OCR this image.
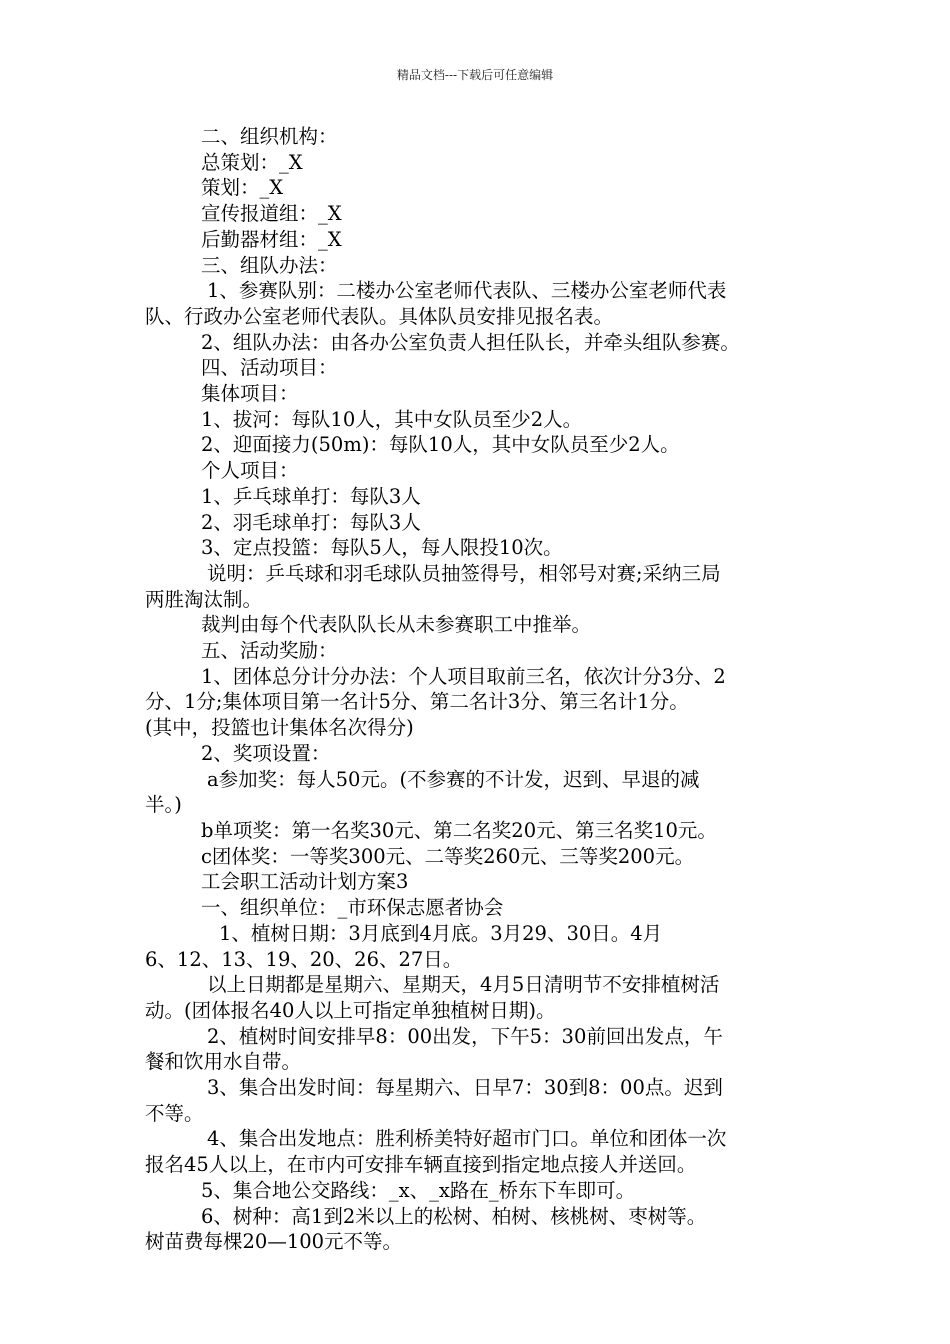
精品文档---下载后可任意编辑

二、组织机构：

总策划：_X

策划：_X

宣传报道组：_X

后勤器材组：_X

三、组队办法：

1、参赛队别：二楼办公室老师代表队、三楼办公室老师代表

队、行政办公室老师代表队。具体队员安排见报名表。

2、组队办法：由各办公室负责人担任队长，并牵头组队参赛。

四、活动项目：

集体项目：

1、拔河：每队10人，其中女队员至少2人。

2、迎面接力(50m)：每队10人，其中女队员至少2人。

个人项目：

1、乒乓球单打：每队3人

2、羽毛球单打：每队3人

3、定点投篮：每队5人，每人限投10次。

说明：乒乓球和羽毛球队员抽签得号，相邻号对赛;采纳三局

两胜淘汰制。

裁判由每个代表队队长从未参赛职工中推举。

五、活动奖励：

1、团体总分计分办法：个人项目取前三名，依次计分3分、2

分、1分;集体项目第一名计5分、第二名计3分、第三名计1分。

(其中，投篮也计集体名次得分)

2、奖项设置：

a参加奖：每人50元。(不参赛的不计发，迟到、早退的减

半。)

b单项奖：第一名奖30元、第二名奖20元、第三名奖10元。

c团体奖：一等奖300元、二等奖260元、三等奖200元。

工会职工活动计划方案3

一、组织单位：_市环保志愿者协会

1、植树日期：3月底到4月底。3月29、30日。4月

6、12、13、19、20、26、27日。

以上日期都是星期六、星期天，4月5日清明节不安排植树活

动。(团体报名40人以上可指定单独植树日期)。

2、植树时间安排早8：00出发，下午5：30前回出发点，午

餐和饮用水自带。

3、集合出发时间：每星期六、日早7：30到8：00点。迟到

不等。

4、集合出发地点：胜利桥美特好超市门口。单位和团体一次

报名45人以上，在市内可安排车辆直接到指定地点接人并送回。

5、集合地公交路线：_x、_x路在_桥东下车即可。

6、树种：高1到2米以上的松树、柏树、核桃树、枣树等。

树苗费每棵20—100元不等。
